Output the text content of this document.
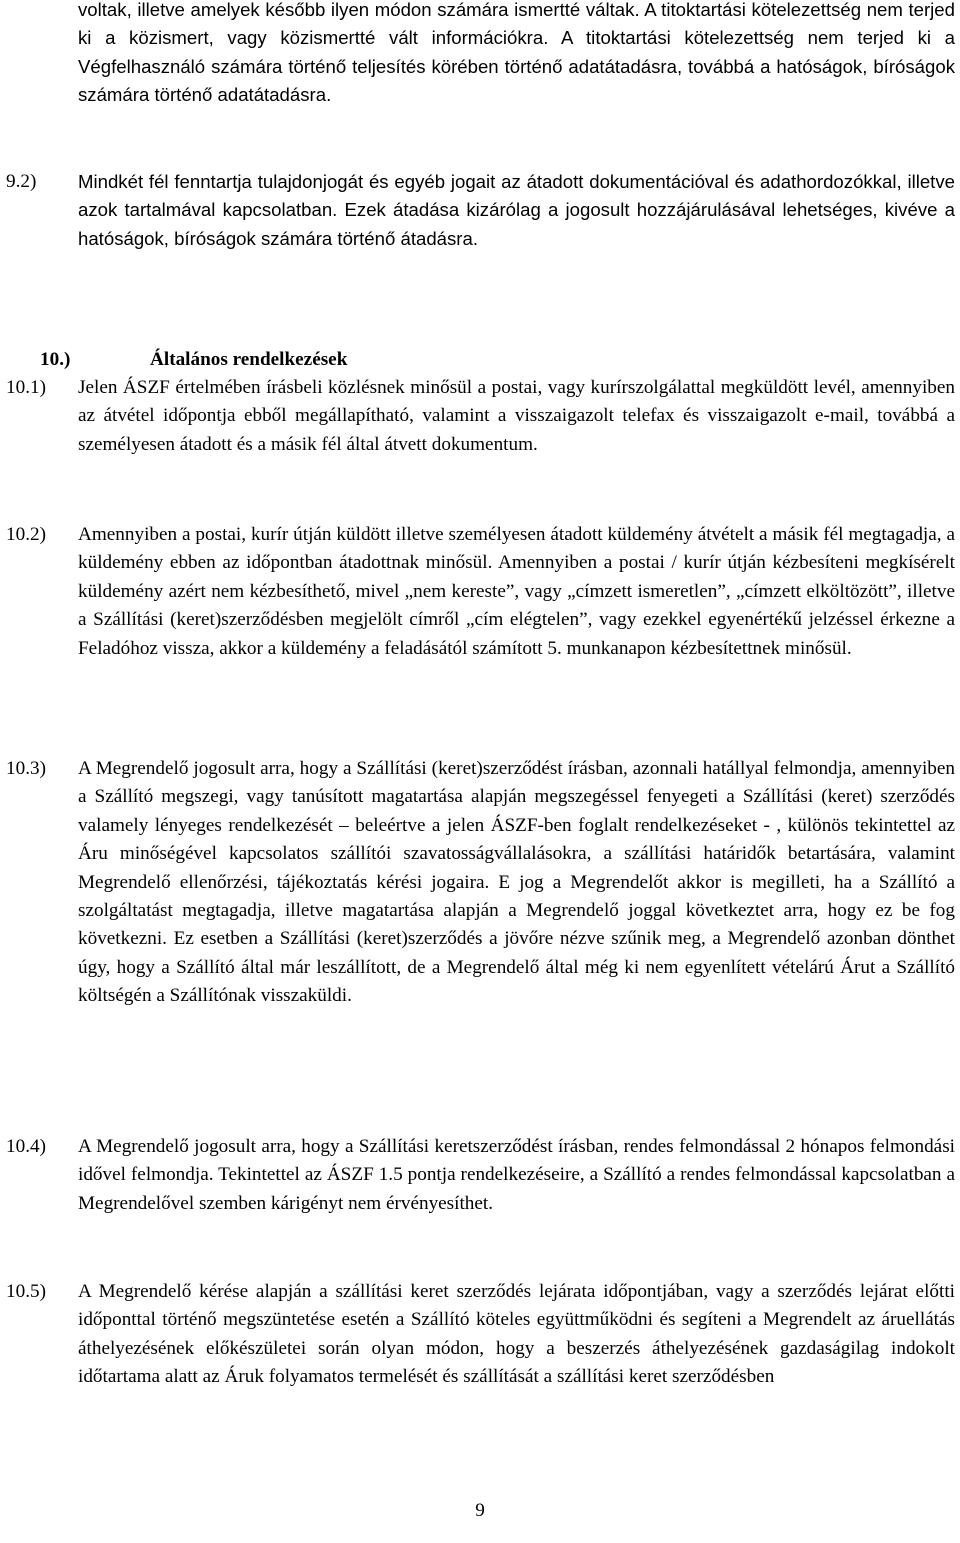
voltak, illetve amelyek később ilyen módon számára ismertté váltak. A titoktartási kötelezettség nem terjed ki a közismert, vagy közismertté vált információkra. A titoktartási kötelezettség nem terjed ki a Végfelhasználó számára történő teljesítés körében történő adatátadásra, továbbá a hatóságok, bíróságok számára történő adatátadásra.

9.2) Mindkét fél fenntartja tulajdonjogát és egyéb jogait az átadott dokumentációval és adathordozókkal, illetve azok tartalmával kapcsolatban. Ezek átadása kizárólag a jogosult hozzájárulásával lehetséges, kivéve a hatóságok, bíróságok számára történő átadásra.

10.)	Általános rendelkezések
10.1) Jelen ÁSZF értelmében írásbeli közlésnek minősül a postai, vagy kurírszolgálattal megküldött levél, amennyiben az átvétel időpontja ebből megállapítható, valamint a visszaigazolt telefax és visszaigazolt e-mail, továbbá a személyesen átadott és a másik fél által átvett dokumentum.

10.2) Amennyiben a postai, kurír útján küldött illetve személyesen átadott küldemény átvételt a másik fél megtagadja, a küldemény ebben az időpontban átadottnak minősül. Amennyiben a postai / kurír útján kézbesíteni megkísérelt küldemény azért nem kézbesíthető, mivel „nem kereste”, vagy „címzett ismeretlen”, „címzett elköltözött”, illetve a Szállítási (keret)szerződésben megjelölt címről „cím elégtelen”, vagy ezekkel egyenértékű jelzéssel érkezne a Feladóhoz vissza, akkor a küldemény a feladásától számított 5. munkanapon kézbesítettnek minősül.

10.3) A Megrendelő jogosult arra, hogy a Szállítási (keret)szerződést írásban, azonnali hatállyal felmondja, amennyiben a Szállító megszegi, vagy tanúsított magatartása alapján megszegéssel fenyegeti a Szállítási (keret) szerződés valamely lényeges rendelkezését – beleértve a jelen ÁSZF-ben foglalt rendelkezéseket - , különös tekintettel az Áru minőségével kapcsolatos szállítói szavatosságvállalásokra, a szállítási határidők betartására, valamint Megrendelő ellenőrzési, tájékoztatás kérési jogaira. E jog a Megrendelőt akkor is megilleti, ha a Szállító a szolgáltatást megtagadja, illetve magatartása alapján a Megrendelő joggal következtet arra, hogy ez be fog következni. Ez esetben a Szállítási (keret)szerződés a jövőre nézve szűnik meg, a Megrendelő azonban dönthet úgy, hogy a Szállító által már leszállított, de a Megrendelő által még ki nem egyenlített vételárú Árut a Szállító költségén a Szállítónak visszaküldi.

10.4) A Megrendelő jogosult arra, hogy a Szállítási keretszerződést írásban, rendes felmondással 2 hónapos felmondási idővel felmondja. Tekintettel az ÁSZF 1.5 pontja rendelkezéseire, a Szállító a rendes felmondással kapcsolatban a Megrendelővel szemben kárigényt nem érvényesíthet.

10.5) A Megrendelő kérése alapján a szállítási keret szerződés lejárata időpontjában, vagy a szerződés lejárat előtti időponttal történő megszüntetése esetén a Szállító köteles együttműködni és segíteni a Megrendelt az áruellátás áthelyezésének előkészületei során olyan módon, hogy a beszerzés áthelyezésének gazdaságilag indokolt időtartama alatt az Áruk folyamatos termelését és szállítását a szállítási keret szerződésben

9
